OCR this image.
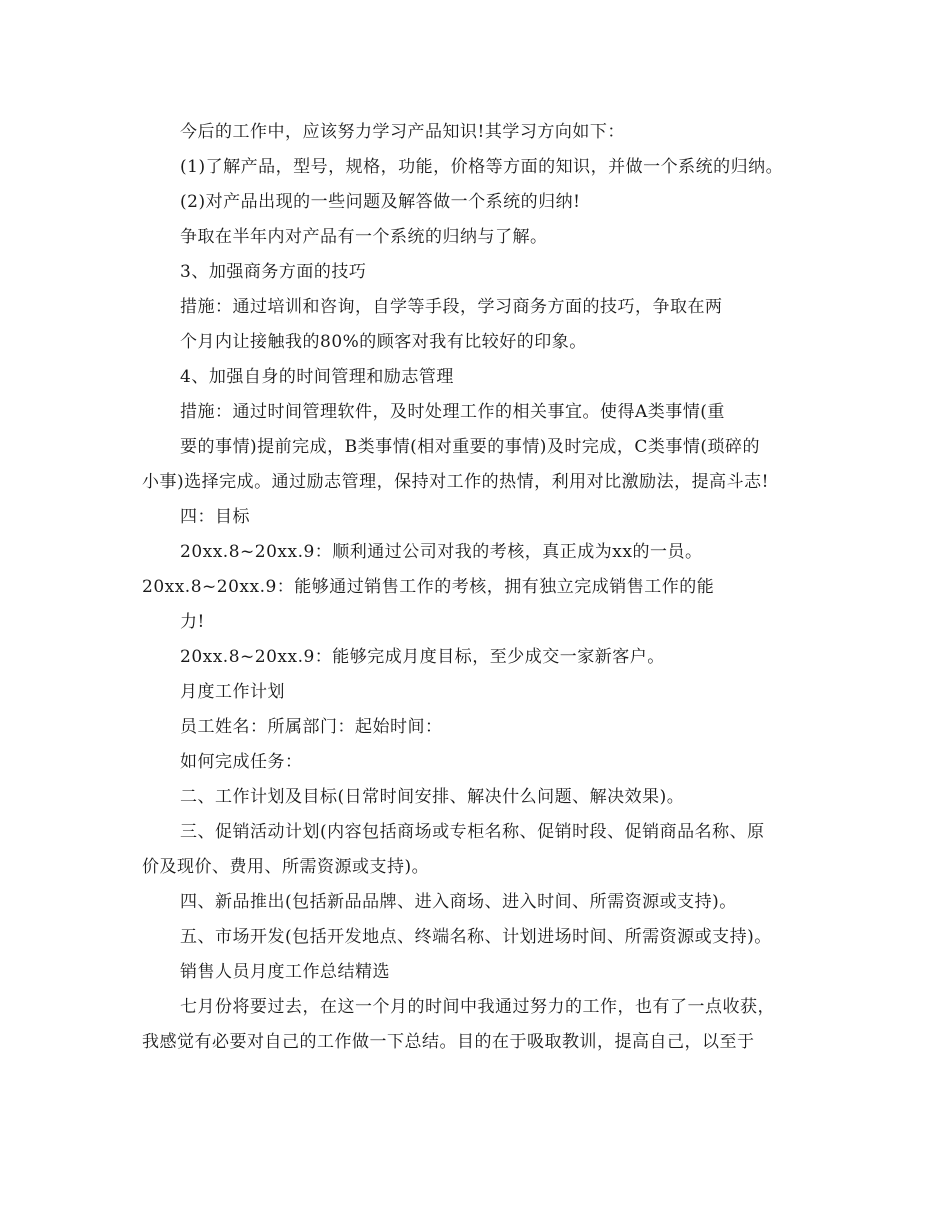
今后的工作中，应该努力学习产品知识!其学习方向如下：
(1)了解产品，型号，规格，功能，价格等方面的知识，并做一个系统的归纳。
(2)对产品出现的一些问题及解答做一个系统的归纳!
争取在半年内对产品有一个系统的归纳与了解。
3、加强商务方面的技巧
措施：通过培训和咨询，自学等手段，学习商务方面的技巧，争取在两
个月内让接触我的80%的顾客对我有比较好的印象。
4、加强自身的时间管理和励志管理
措施：通过时间管理软件，及时处理工作的相关事宜。使得A类事情(重
要的事情)提前完成，B类事情(相对重要的事情)及时完成，C类事情(琐碎的
小事)选择完成。通过励志管理，保持对工作的热情，利用对比激励法，提高斗志!
四：目标
20xx.8~20xx.9：顺利通过公司对我的考核，真正成为xx的一员。
20xx.8~20xx.9：能够通过销售工作的考核，拥有独立完成销售工作的能
力!
20xx.8~20xx.9：能够完成月度目标，至少成交一家新客户。
月度工作计划
员工姓名：所属部门：起始时间：
如何完成任务：
二、工作计划及目标(日常时间安排、解决什么问题、解决效果)。
三、促销活动计划(内容包括商场或专柜名称、促销时段、促销商品名称、原
价及现价、费用、所需资源或支持)。
四、新品推出(包括新品品牌、进入商场、进入时间、所需资源或支持)。
五、市场开发(包括开发地点、终端名称、计划进场时间、所需资源或支持)。
销售人员月度工作总结精选
七月份将要过去，在这一个月的时间中我通过努力的工作，也有了一点收获，
我感觉有必要对自己的工作做一下总结。目的在于吸取教训，提高自己，以至于
